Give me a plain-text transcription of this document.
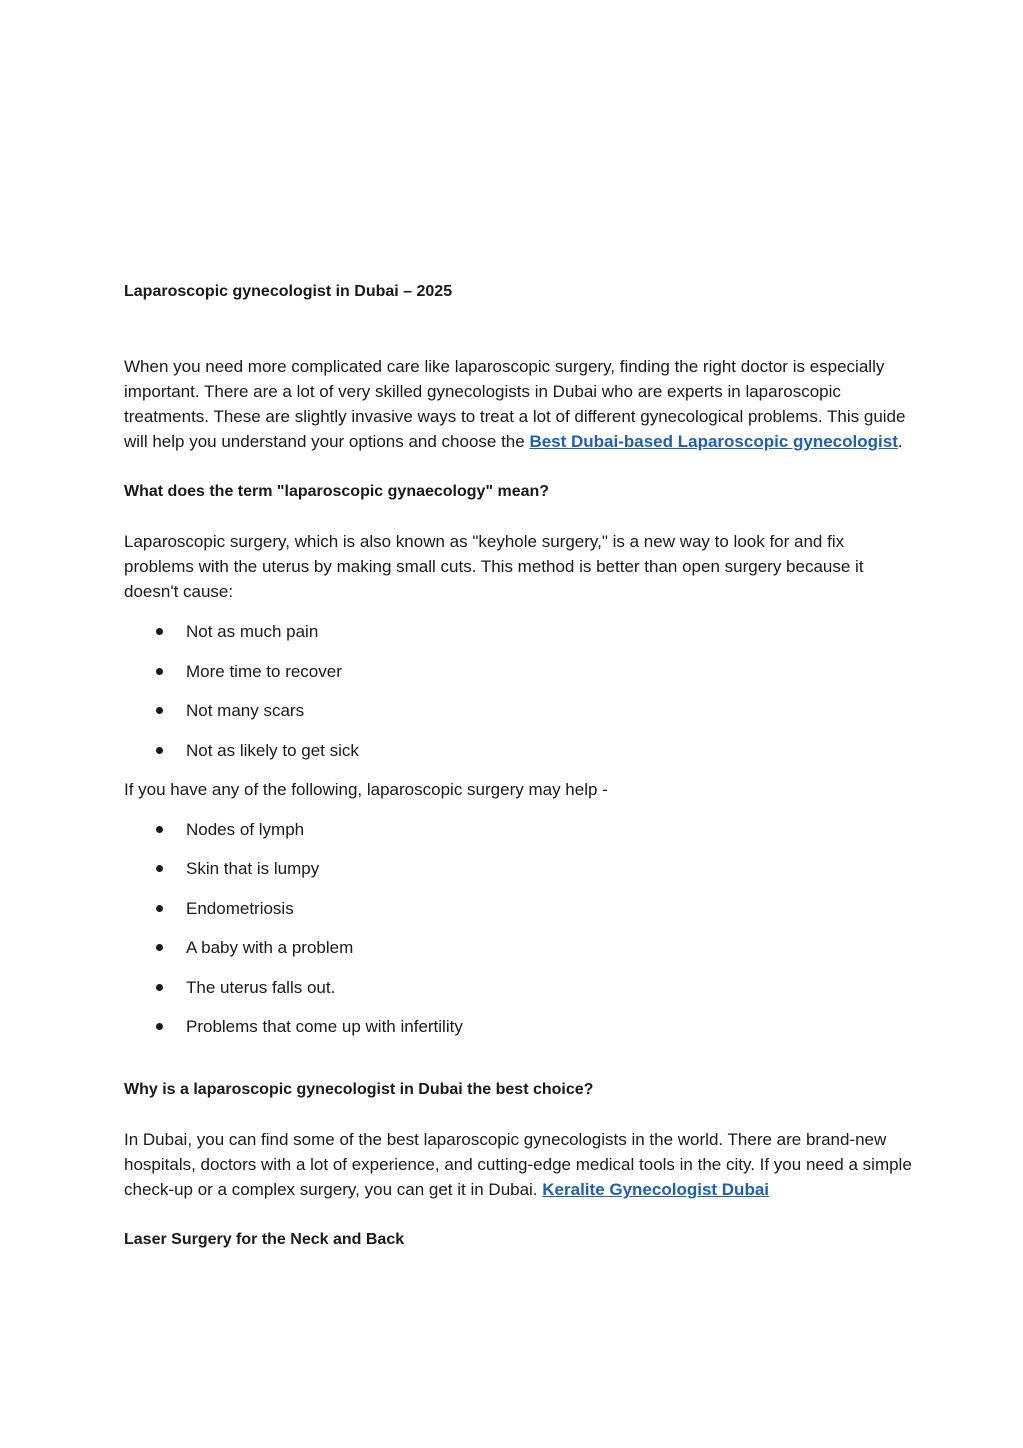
Laparoscopic gynecologist in Dubai – 2025

When you need more complicated care like laparoscopic surgery, finding the right doctor is especially important. There are a lot of very skilled gynecologists in Dubai who are experts in laparoscopic treatments. These are slightly invasive ways to treat a lot of different gynecological problems. This guide will help you understand your options and choose the Best Dubai-based Laparoscopic gynecologist.

What does the term "laparoscopic gynaecology" mean?

Laparoscopic surgery, which is also known as "keyhole surgery," is a new way to look for and fix problems with the uterus by making small cuts. This method is better than open surgery because it doesn't cause:

Not as much pain
More time to recover
Not many scars
Not as likely to get sick

If you have any of the following, laparoscopic surgery may help -

Nodes of lymph
Skin that is lumpy
Endometriosis
A baby with a problem
The uterus falls out.
Problems that come up with infertility

Why is a laparoscopic gynecologist in Dubai the best choice?

In Dubai, you can find some of the best laparoscopic gynecologists in the world. There are brand-new hospitals, doctors with a lot of experience, and cutting-edge medical tools in the city. If you need a simple check-up or a complex surgery, you can get it in Dubai. Keralite Gynecologist Dubai

Laser Surgery for the Neck and Back
